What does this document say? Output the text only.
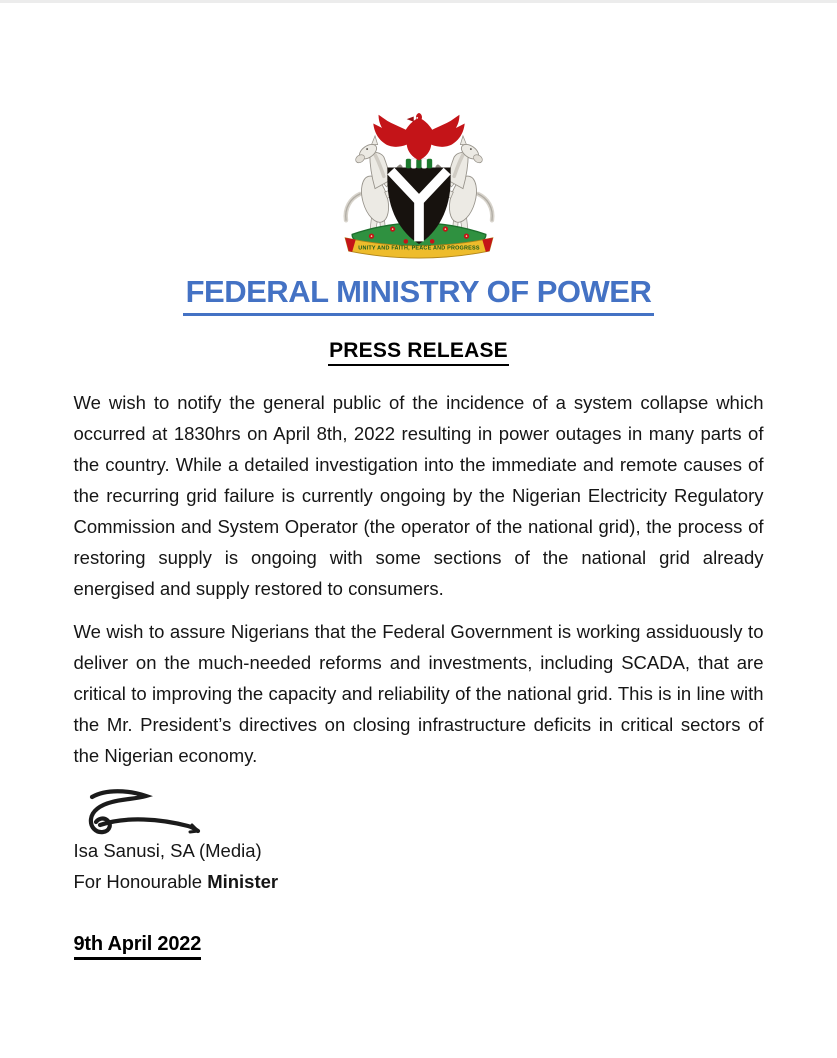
UNITY AND FAITH, PEACE AND PROGRESS
FEDERAL MINISTRY OF POWER
PRESS RELEASE

We wish to notify the general public of the incidence of a system collapse which occurred at 1830hrs on April 8th, 2022 resulting in power outages in many parts of the country. While a detailed investigation into the immediate and remote causes of the recurring grid failure is currently ongoing by the Nigerian Electricity Regulatory Commission and System Operator (the operator of the national grid), the process of restoring supply is ongoing with some sections of the national grid already energised and supply restored to consumers.

We wish to assure Nigerians that the Federal Government is working assiduously to deliver on the much-needed reforms and investments, including SCADA, that are critical to improving the capacity and reliability of the national grid. This is in line with the Mr. President’s directives on closing infrastructure deficits in critical sectors of the Nigerian economy.

Isa Sanusi, SA (Media)
For Honourable Minister
9th April 2022
